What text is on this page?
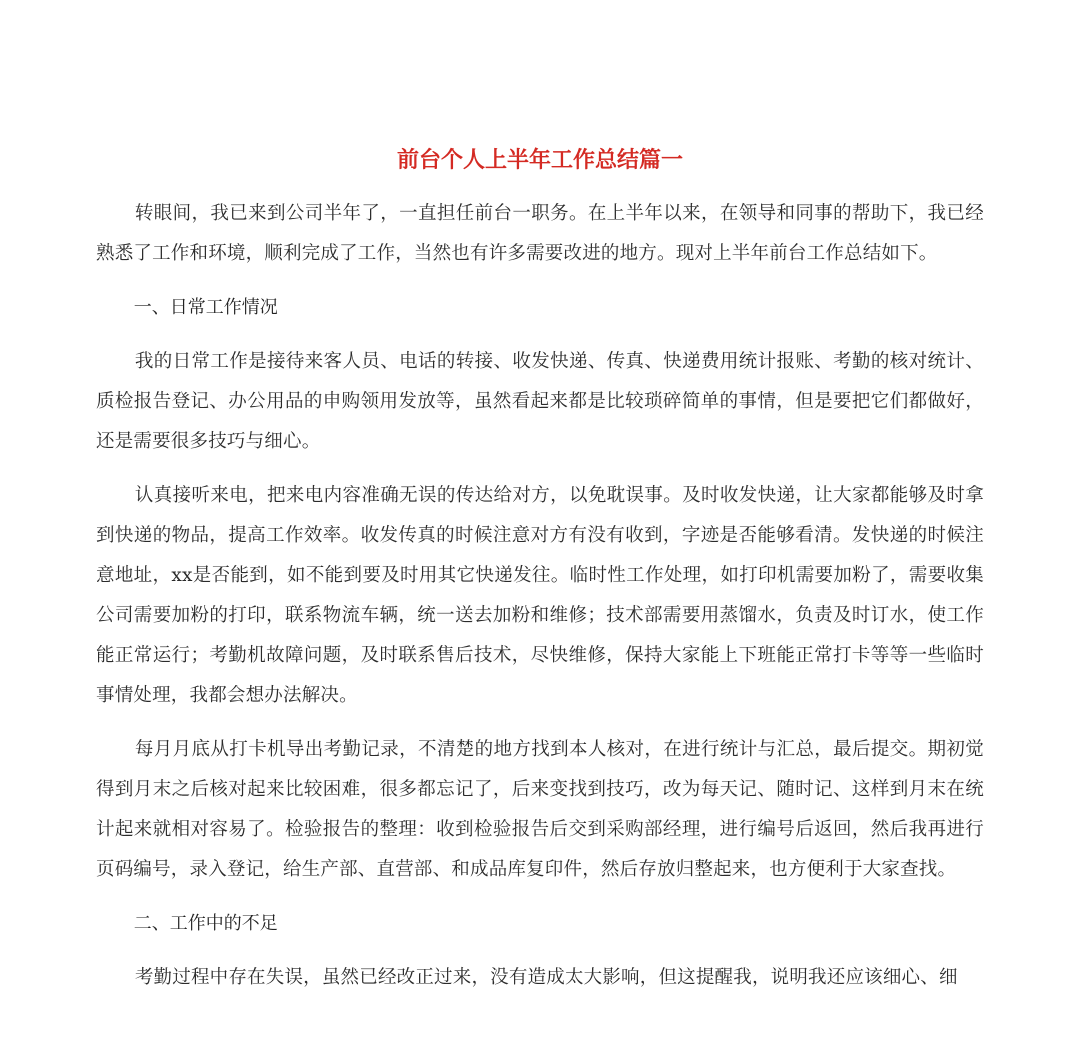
前台个人上半年工作总结篇一

转眼间，我已来到公司半年了，一直担任前台一职务。在上半年以来，在领导和同事的帮助下，我已经熟悉了工作和环境，顺利完成了工作，当然也有许多需要改进的地方。现对上半年前台工作总结如下。

一、日常工作情况

我的日常工作是接待来客人员、电话的转接、收发快递、传真、快递费用统计报账、考勤的核对统计、质检报告登记、办公用品的申购领用发放等，虽然看起来都是比较琐碎简单的事情，但是要把它们都做好，还是需要很多技巧与细心。

认真接听来电，把来电内容准确无误的传达给对方，以免耽误事。及时收发快递，让大家都能够及时拿到快递的物品，提高工作效率。收发传真的时候注意对方有没有收到，字迹是否能够看清。发快递的时候注意地址，xx是否能到，如不能到要及时用其它快递发往。临时性工作处理，如打印机需要加粉了，需要收集公司需要加粉的打印，联系物流车辆，统一送去加粉和维修；技术部需要用蒸馏水，负责及时订水，使工作能正常运行；考勤机故障问题，及时联系售后技术，尽快维修，保持大家能上下班能正常打卡等等一些临时事情处理，我都会想办法解决。

每月月底从打卡机导出考勤记录，不清楚的地方找到本人核对，在进行统计与汇总，最后提交。期初觉得到月末之后核对起来比较困难，很多都忘记了，后来变找到技巧，改为每天记、随时记、这样到月末在统计起来就相对容易了。检验报告的整理：收到检验报告后交到采购部经理，进行编号后返回，然后我再进行页码编号，录入登记，给生产部、直营部、和成品库复印件，然后存放归整起来，也方便利于大家查找。

二、工作中的不足

考勤过程中存在失误，虽然已经改正过来，没有造成太大影响，但这提醒我，说明我还应该细心、细
